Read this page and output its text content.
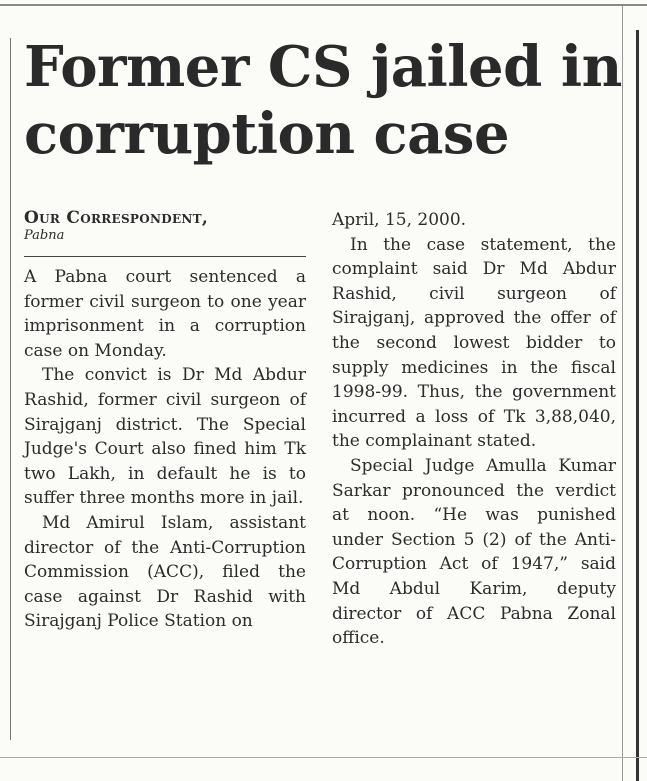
Former CS jailed in corruption case
Our Correspondent,
Pabna

A Pabna court sentenced a former civil surgeon to one year imprisonment in a corruption case on Monday.

The convict is Dr Md Abdur Rashid, former civil surgeon of Sirajganj district. The Special Judge's Court also fined him Tk two Lakh, in default he is to suffer three months more in jail.

Md Amirul Islam, assistant director of the Anti-Corruption Commission (ACC), filed the case against Dr Rashid with Sirajganj Police Station on

April, 15, 2000.

In the case statement, the complaint said Dr Md Abdur Rashid, civil surgeon of Sirajganj, approved the offer of the second lowest bidder to supply medicines in the fiscal 1998-99. Thus, the government incurred a loss of Tk 3,88,040, the complainant stated.

Special Judge Amulla Kumar Sarkar pronounced the verdict at noon. “He was punished under Section 5 (2) of the Anti-Corruption Act of 1947,” said Md Abdul Karim, deputy director of ACC Pabna Zonal office.
